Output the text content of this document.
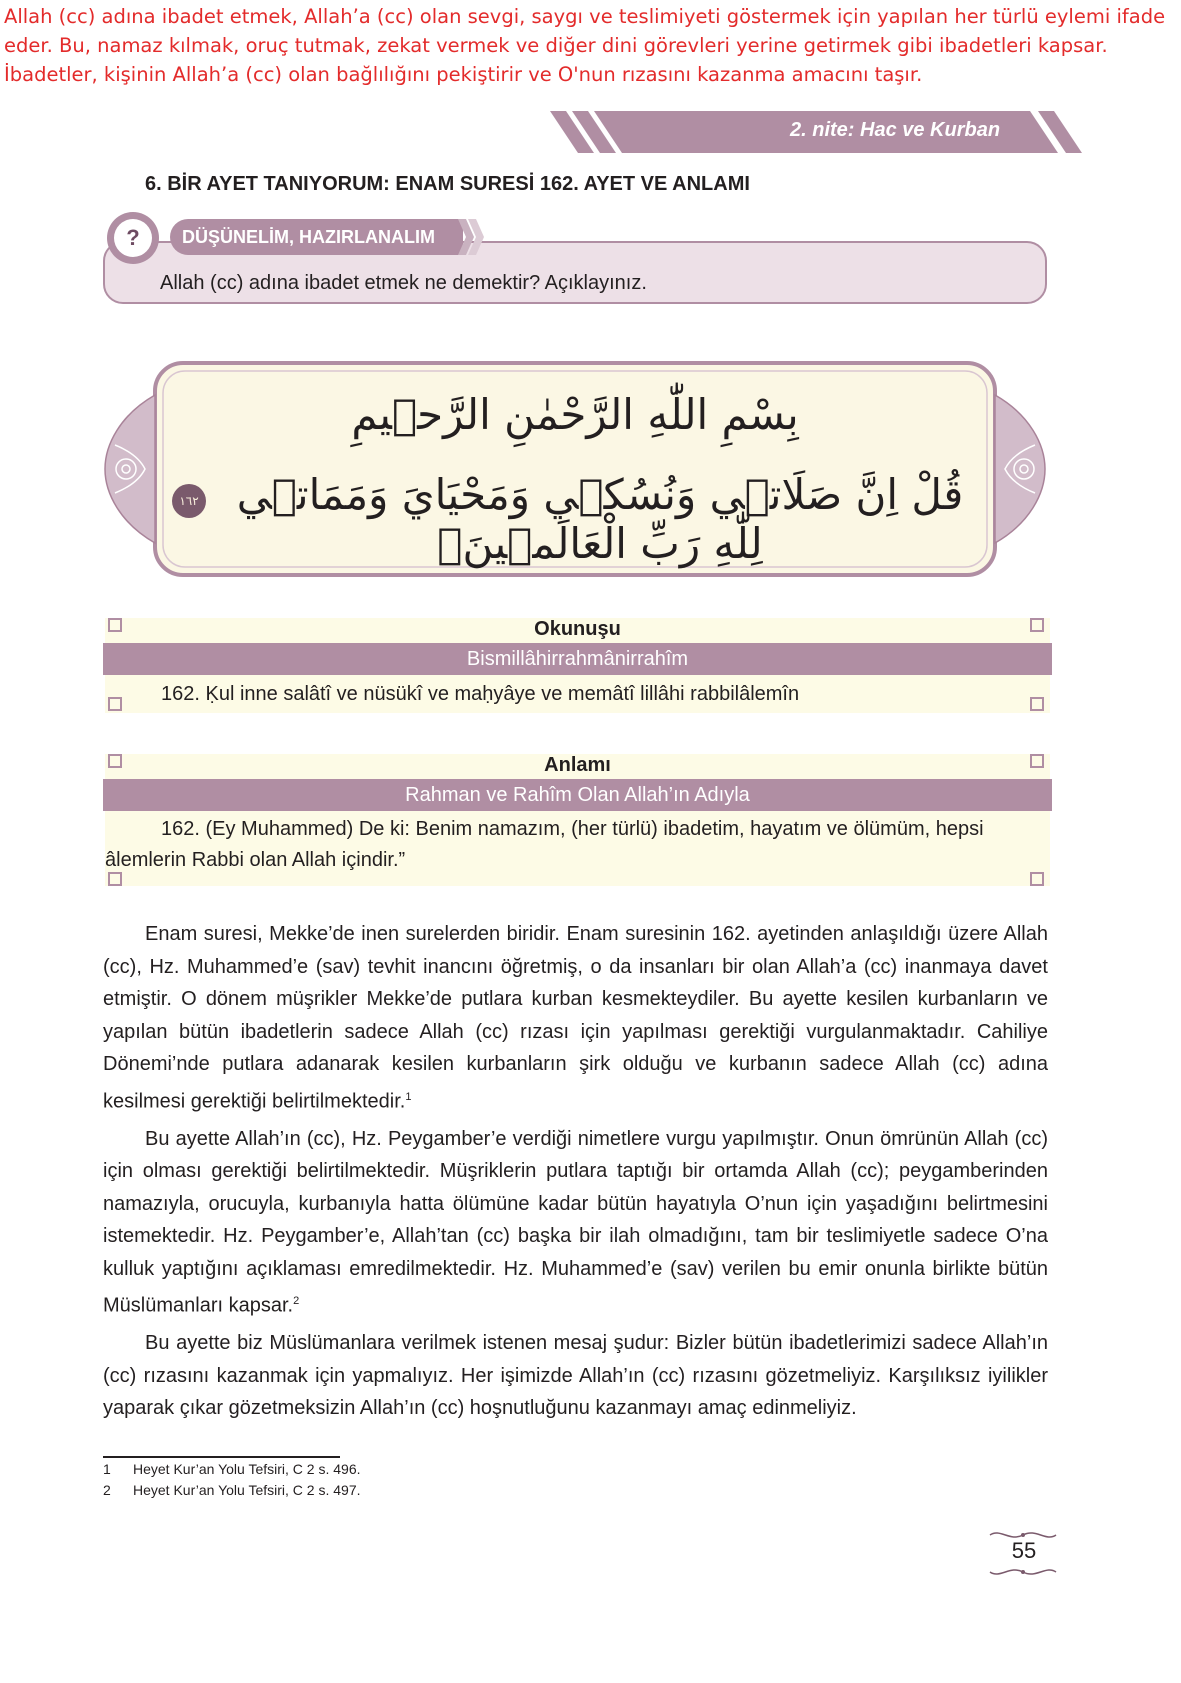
Allah (cc) adına ibadet etmek, Allah’a (cc) olan sevgi, saygı ve teslimiyeti göstermek için yapılan her türlü eylemi ifade
eder. Bu, namaz kılmak, oruç tutmak, zekat vermek ve diğer dini görevleri yerine getirmek gibi ibadetleri kapsar.
İbadetler, kişinin Allah’a (cc) olan bağlılığını pekiştirir ve O'nun rızasını kazanma amacını taşır.
2. nite: Hac ve Kurban
6. BİR AYET TANIYORUM: ENAM SURESİ 162. AYET VE ANLAMI
DÜŞÜNELİM, HAZIRLANALIM
?
Allah (cc) adına ibadet etmek ne demektir? Açıklayınız.
بِسْمِ اللّٰهِ الرَّحْمٰنِ الرَّح۪يمِ
قُلْ اِنَّ صَلَات۪ي وَنُسُك۪ي وَمَحْيَايَ وَمَمَات۪ي لِلّٰهِ رَبِّ الْعَالَم۪ينَۙ
١٦٢
Okunuşu
Bismillâhirrahmânirrahîm
162. Ḳul inne salâtî ve nüsükî ve maḥyâye ve memâtî lillâhi rabbilâlemîn
Anlamı
Rahman ve Rahîm Olan Allah’ın Adıyla
162. (Ey Muhammed) De ki: Benim namazım, (her türlü) ibadetim, hayatım ve ölümüm, hepsi
âlemlerin Rabbi olan Allah içindir.”

Enam suresi, Mekke’de inen surelerden biridir. Enam suresinin 162. ayetinden anlaşıldığı üzere Allah (cc), Hz. Muhammed’e (sav) tevhit inancını öğretmiş, o da insanları bir olan Allah’a (cc) inanmaya davet etmiştir. O dönem müşrikler Mekke’de putlara kurban kesmekteydiler. Bu ayette kesilen kurbanların ve yapılan bütün ibadetlerin sadece Allah (cc) rızası için yapılması gerektiği vurgulanmaktadır. Cahiliye Dönemi’nde putlara adanarak kesilen kurbanların şirk olduğu ve kurbanın sadece Allah (cc) adına kesilmesi gerektiği belirtilmektedir.$^1$

Bu ayette Allah’ın (cc), Hz. Peygamber’e verdiği nimetlere vurgu yapılmıştır. Onun ömrünün Allah (cc) için olması gerektiği belirtilmektedir. Müşriklerin putlara taptığı bir ortamda Allah (cc); peygamberinden namazıyla, orucuyla, kurbanıyla hatta ölümüne kadar bütün hayatıyla O’nun için yaşadığını belirtmesini istemektedir. Hz. Peygamber’e, Allah’tan (cc) başka bir ilah olmadığını, tam bir teslimiyetle sadece O’na kulluk yaptığını açıklaması emredilmektedir. Hz. Muhammed’e (sav) verilen bu emir onunla birlikte bütün Müslümanları kapsar.$^2$

Bu ayette biz Müslümanlara verilmek istenen mesaj şudur: Bizler bütün ibadetlerimizi sadece Allah’ın (cc) rızasını kazanmak için yapmalıyız. Her işimizde Allah’ın (cc) rızasını gözetmeliyiz. Karşılıksız iyilikler yaparak çıkar gözetmeksizin Allah’ın (cc) hoşnutluğunu kazanmayı amaç edinmeliyiz.

1 Heyet Kur’an Yolu Tefsiri, C 2 s. 496.
2 Heyet Kur’an Yolu Tefsiri, C 2 s. 497.
55
